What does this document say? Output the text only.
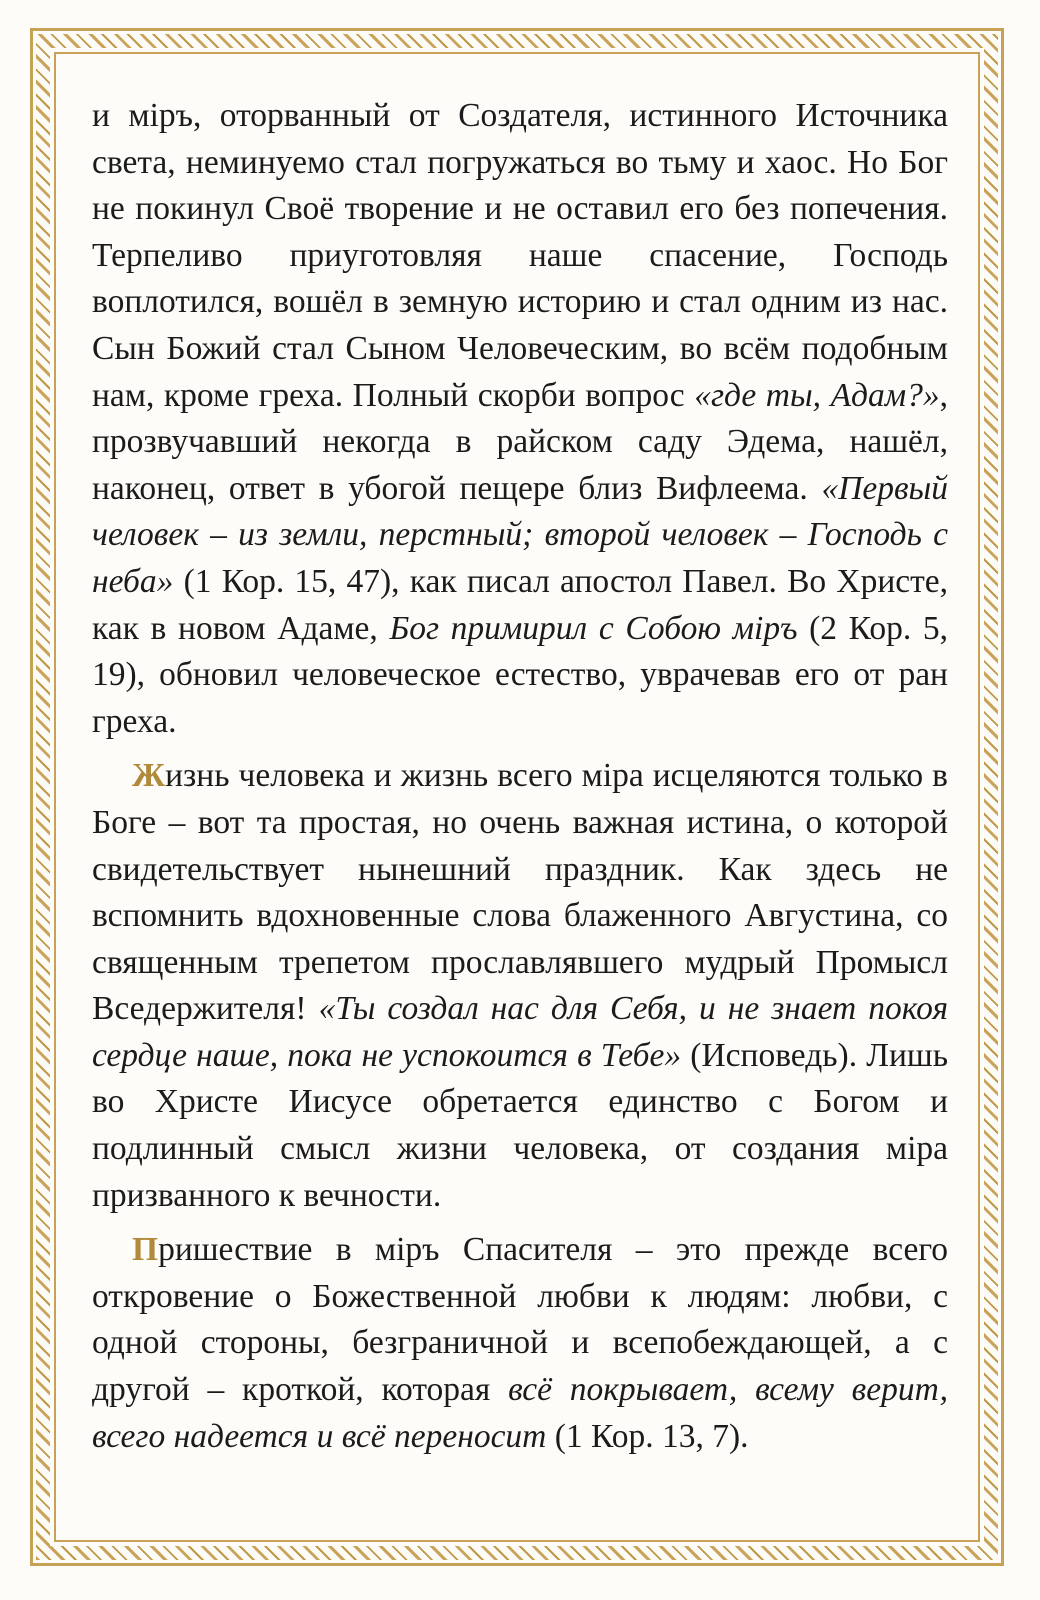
и міръ, оторванный от Создателя, истинного Источника света, неминуемо стал погружаться во тьму и хаос. Но Бог не покинул Своё творение и не оставил его без попечения. Терпеливо приуготовляя наше спасение, Господь воплотился, вошёл в земную историю и стал одним из нас. Сын Божий стал Сыном Человеческим, во всём подобным нам, кроме греха. Полный скорби вопрос «где ты, Адам?», прозвучавший некогда в райском саду Эдема, нашёл, наконец, ответ в убогой пещере близ Вифлеема. «Первый человек – из земли, перстный; второй человек – Господь с неба» (1 Кор. 15, 47), как писал апостол Павел. Во Христе, как в новом Адаме, Бог примирил с Собою міръ (2 Кор. 5, 19), обновил человеческое естество, уврачевав его от ран греха.

Жизнь человека и жизнь всего міра исцеляются только в Боге – вот та простая, но очень важная истина, о которой свидетельствует нынешний праздник. Как здесь не вспомнить вдохновенные слова блаженного Августина, со священным трепетом прославлявшего мудрый Промысл Вседержителя! «Ты создал нас для Себя, и не знает покоя сердце наше, пока не успокоится в Тебе» (Исповедь). Лишь во Христе Иисусе обретается единство с Богом и подлинный смысл жизни человека, от создания міра призванного к вечности.

Пришествие в міръ Спасителя – это прежде всего откровение о Божественной любви к людям: любви, с одной стороны, безграничной и всепобеждающей, а с другой – кроткой, которая всё покрывает, всему верит, всего надеется и всё переносит (1 Кор. 13, 7).
